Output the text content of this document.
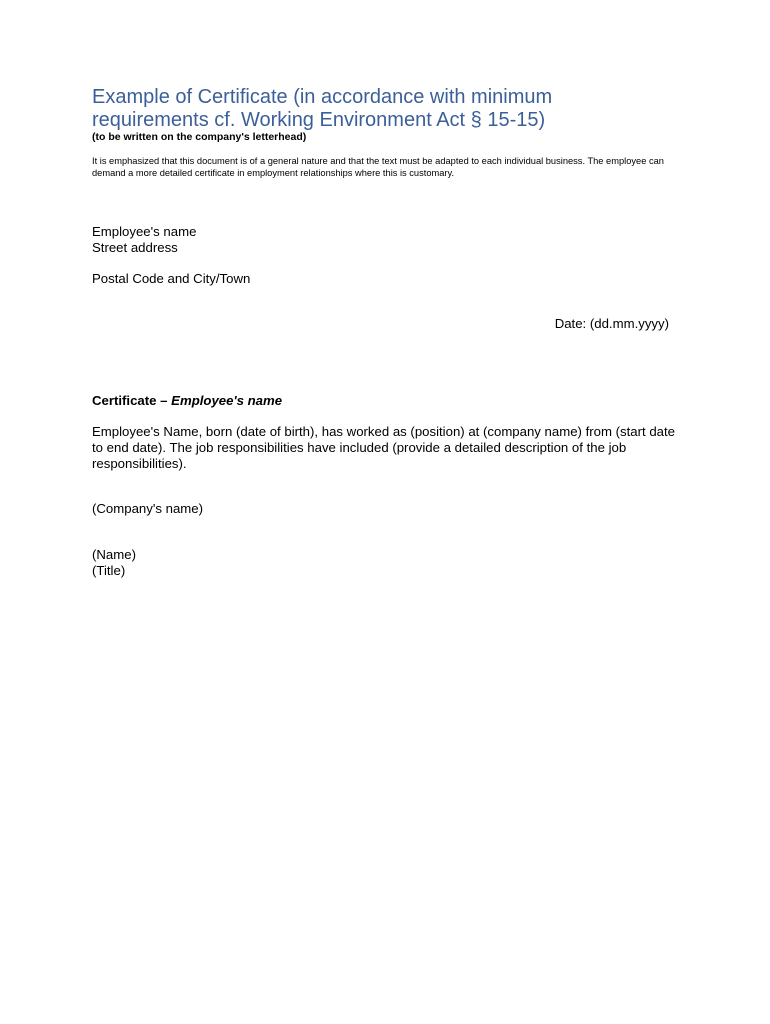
Example of Certificate (in accordance with minimum requirements cf. Working Environment Act § 15-15)

(to be written on the company's letterhead)

It is emphasized that this document is of a general nature and that the text must be adapted to each individual business. The employee can demand a more detailed certificate in employment relationships where this is customary.

Employee's name

Street address

Postal Code and City/Town

Date: (dd.mm.yyyy)

Certificate – Employee's name

Employee's Name, born (date of birth), has worked as (position) at (company name) from (start date to end date). The job responsibilities have included (provide a detailed description of the job responsibilities).

(Company's name)

(Name)

(Title)
